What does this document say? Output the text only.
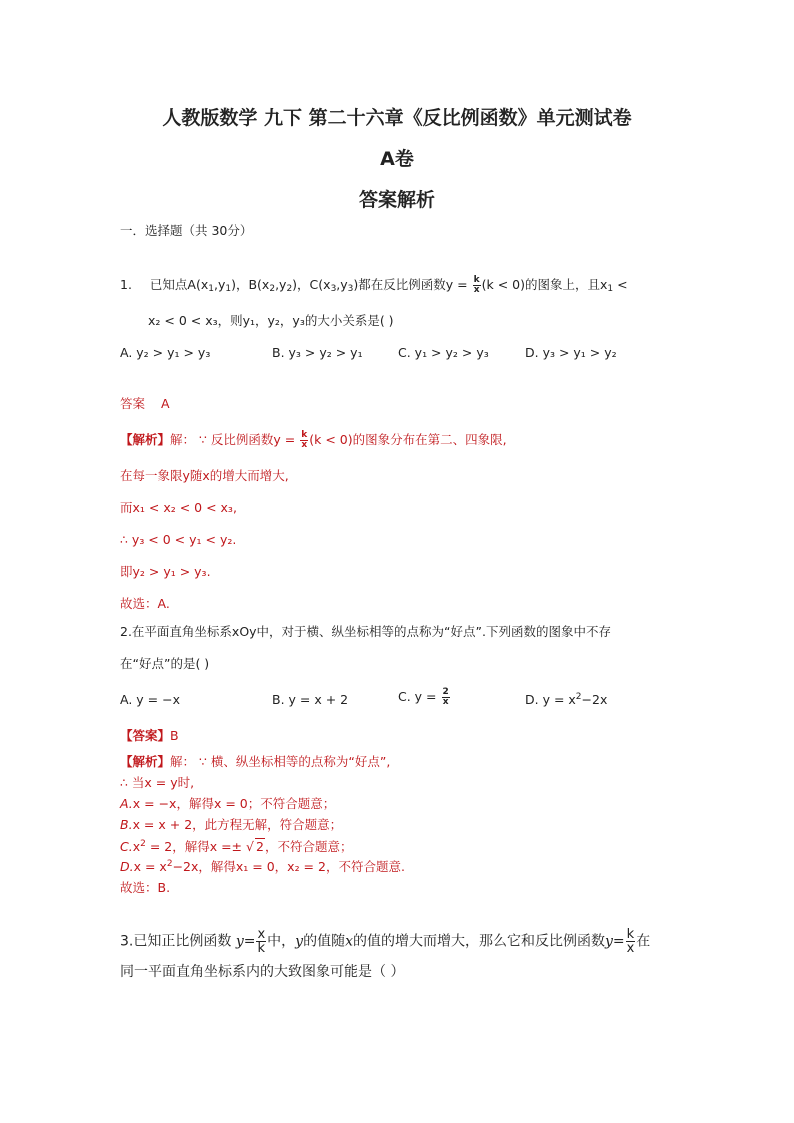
人教版数学 九下 第二十六章《反比例函数》单元测试卷
A卷
答案解析
一．选择题（共 30分）
1. 已知点$A(x_1,y_1)$，$B(x_2,y_2)$，$C(x_3,y_3)$都在反比例函数$y = \frac{k}{x} (k < 0)$的图象上，且$x_1$ <
x₂ < 0 < x₃，则y₁，y₂，y₃的大小关系是( )
A. y₂ > y₁ > y₃	B. y₃ > y₂ > y₁	C. y₁ > y₂ > y₃	D. y₃ > y₁ > y₂
答案 A
【解析】解： ∵ 反比例函数$y = \frac{k}{x} (k < 0)$的图象分布在第二、四象限,
在每一象限y随x的增大而增大,
而x₁ < x₂ < 0 < x₃,
∴ y₃ < 0 < y₁ < y₂.
即y₂ > y₁ > y₃.
故选：A.
2.在平面直角坐标系xOy中，对于横、纵坐标相等的点称为“好点”.下列函数的图象中不存
在“好点”的是( )
A. y = −x	B. y = x + 2	C. $y = \frac{2}{x}$	D. $y = x^2-2x$
【答案】B
【解析】解： ∵ 横、纵坐标相等的点称为“好点”,
∴ 当x = y时,
A.x = −x，解得x = 0；不符合题意；
B.x = x + 2，此方程无解，符合题意；
$C.x^2 = 2$，解得x =± √ 2，不符合题意；
$D.x = x^2-2x$，解得x₁ = 0，x₂ = 2，不符合题意.
故选：B.
3.已知正比例函数 $y= \frac{x}{k}$ 中，y的值随x的值的增大而增大，那么它和反比例函数$y= \frac{k}{x}$ 在
同一平面直角坐标系内的大致图象可能是（ ）
